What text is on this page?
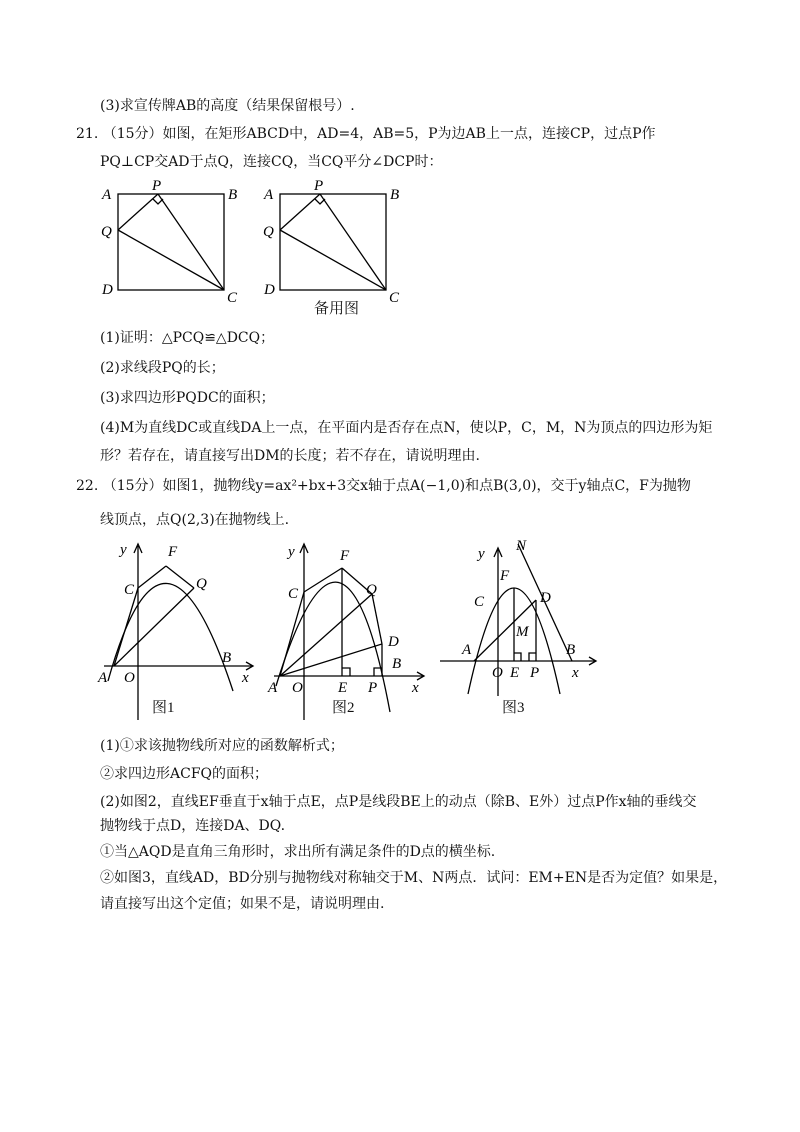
(3)求宣传牌AB的高度（结果保留根号）.
21. （15分）如图，在矩形ABCD中，AD=4，AB=5，P为边AB上一点，连接CP，过点P作
PQ⊥CP交AD于点Q，连接CQ，当CQ平分∠DCP时：
A	B
C
D
P
Q
A	B
C
D
P
Q
备用图
(1)证明：△PCQ≌△DCQ；
(2)求线段PQ的长；
(3)求四边形PQDC的面积；
(4)M为直线DC或直线DA上一点，在平面内是否存在点N，使以P，C，M，N为顶点的四边形为矩
形？若存在，请直接写出DM的长度；若不存在，请说明理由.
22. （15分）如图1，抛物线y=ax²+bx+3交x轴于点A(−1,0)和点B(3,0)，交于y轴点C，F为抛物
线顶点，点Q(2,3)在抛物线上.
y	F
C	Q
B
A O	x
图1
y	F
C	Q
D
B
A O E P x
图2
y N
F
C	D
M
A	B
O E P x
图3
(1)①求该抛物线所对应的函数解析式；
②求四边形ACFQ的面积；
(2)如图2，直线EF垂直于x轴于点E，点P是线段BE上的动点（除B、E外）过点P作x轴的垂线交
抛物线于点D，连接DA、DQ.
①当△AQD是直角三角形时，求出所有满足条件的D点的横坐标.
②如图3，直线AD，BD分别与抛物线对称轴交于M、N两点．试问：EM+EN是否为定值？如果是，
请直接写出这个定值；如果不是，请说明理由.
